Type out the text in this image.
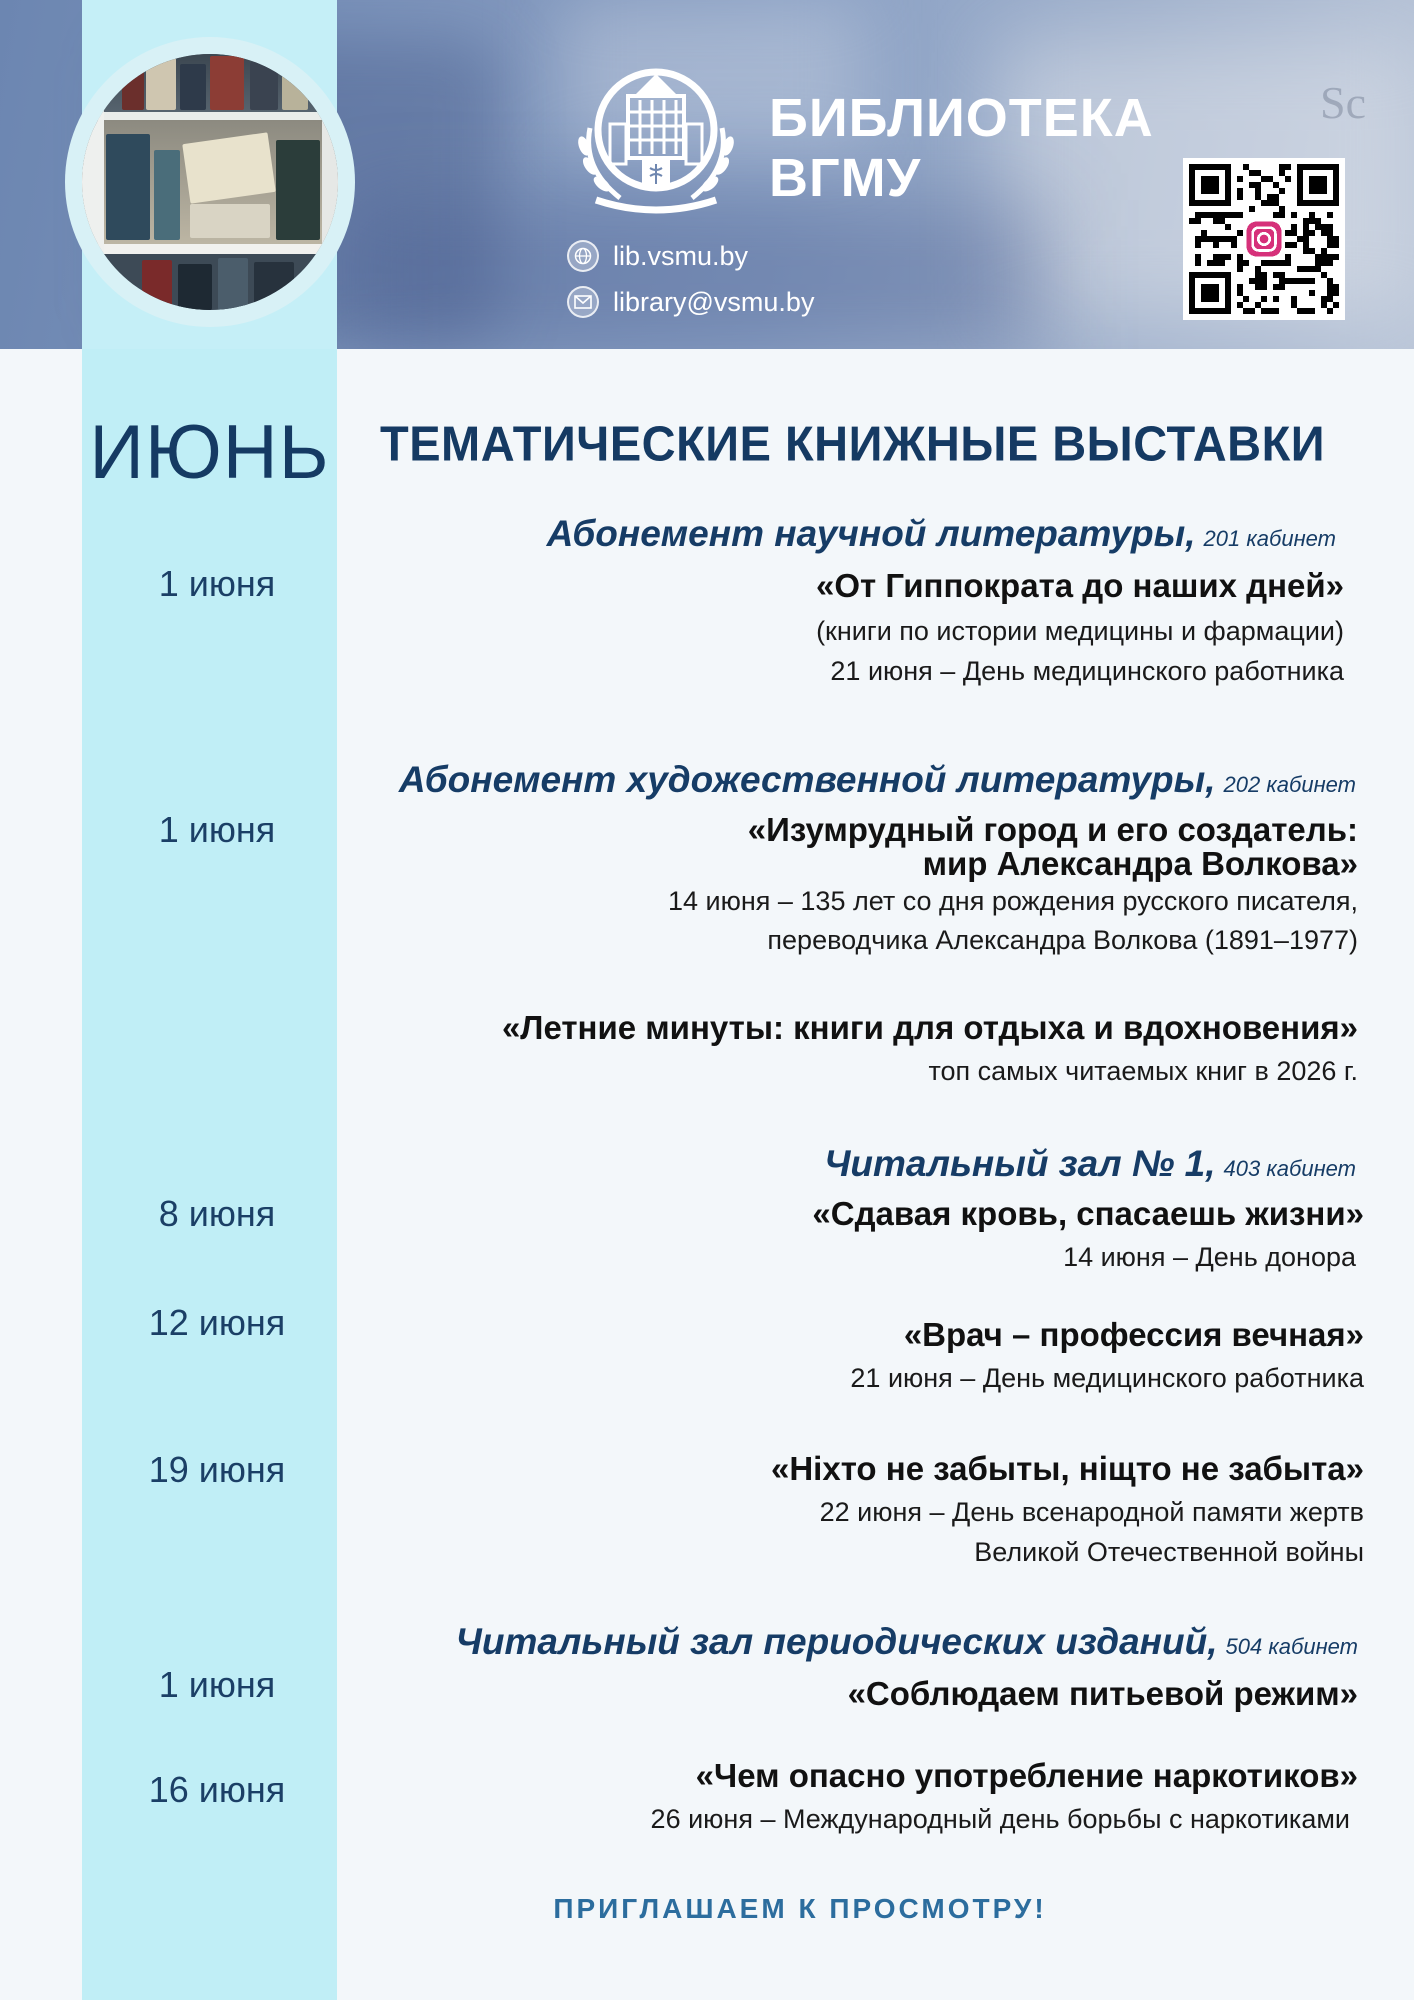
Sc
БИБЛИОТЕКА
ВГМУ
lib.vsmu.by
library@vsmu.by
ИЮНЬ ТЕМАТИЧЕСКИЕ КНИЖНЫЕ ВЫСТАВКИ
Абонемент научной литературы, 201 кабинет
1 июня	«От Гиппократа до наших дней»
(книги по истории медицины и фармации)
21 июня – День медицинского работника
Абонемент художественной литературы, 202 кабинет
1 июня	«Изумрудный город и его создатель:
мир Александра Волкова»
14 июня – 135 лет со дня рождения русского писателя,
переводчика Александра Волкова (1891–1977)
«Летние минуты: книги для отдыха и вдохновения»
топ самых читаемых книг в 2026 г.
Читальный зал № 1, 403 кабинет
8 июня	«Сдавая кровь, спасаешь жизни»
14 июня – День донора
12 июня	«Врач – профессия вечная»
21 июня – День медицинского работника
19 июня	«Ніхто не забыты, ніщто не забыта»
22 июня – День всенародной памяти жертв
Великой Отечественной войны
Читальный зал периодических изданий, 504 кабинет
1 июня	«Соблюдаем питьевой режим»
16 июня	«Чем опасно употребление наркотиков»
26 июня – Международный день борьбы с наркотиками
ПРИГЛАШАЕМ К ПРОСМОТРУ!
